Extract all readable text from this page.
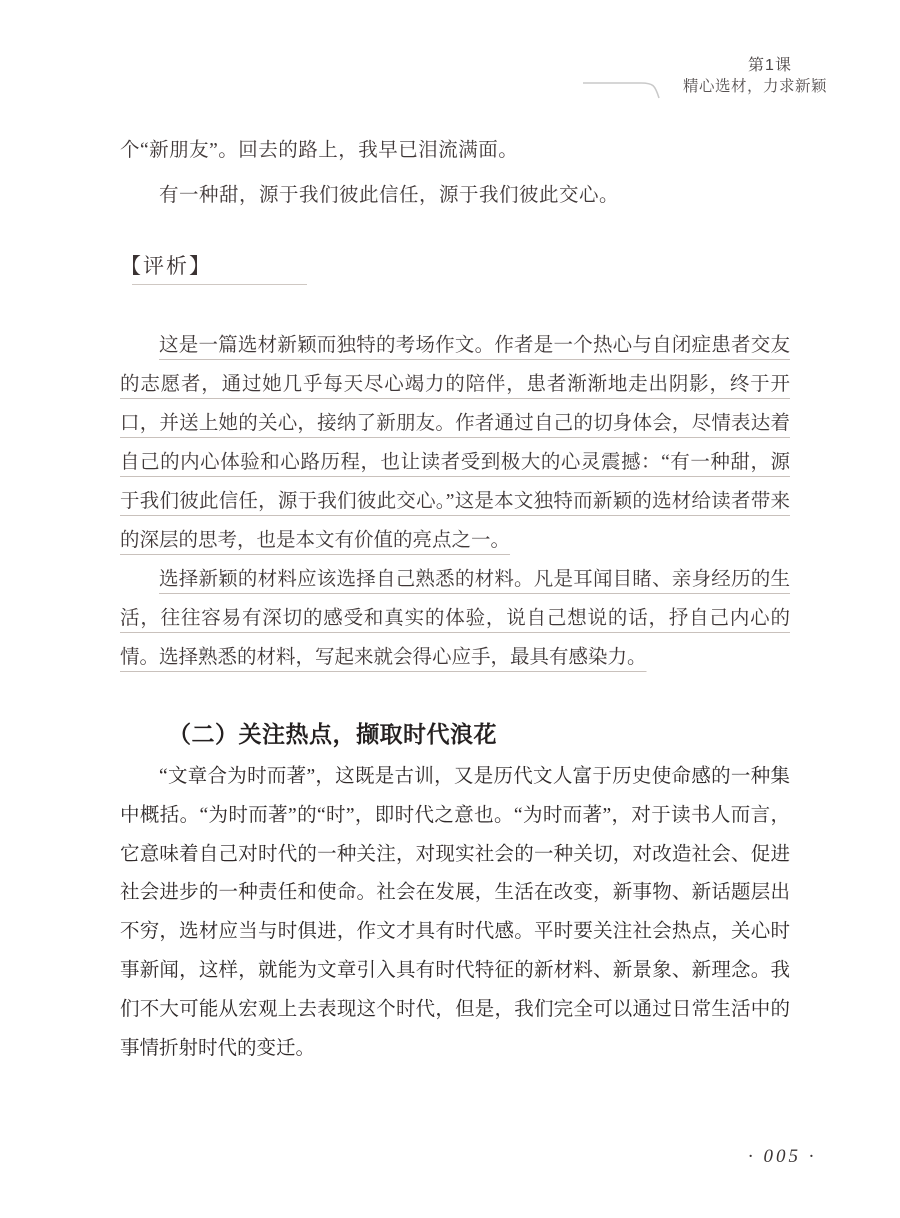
第1课
精心选材，力求新颖
个“新朋友”。回去的路上，我早已泪流满面。
有一种甜，源于我们彼此信任，源于我们彼此交心。
【评析】

这是一篇选材新颖而独特的考场作文。作者是一个热心与自闭症患者交友的志愿者，通过她几乎每天尽心竭力的陪伴，患者渐渐地走出阴影，终于开口，并送上她的关心，接纳了新朋友。作者通过自己的切身体会，尽情表达着自己的内心体验和心路历程，也让读者受到极大的心灵震撼：“有一种甜，源于我们彼此信任，源于我们彼此交心。”这是本文独特而新颖的选材给读者带来的深层的思考，也是本文有价值的亮点之一。

选择新颖的材料应该选择自己熟悉的材料。凡是耳闻目睹、亲身经历的生活，往往容易有深切的感受和真实的体验，说自己想说的话，抒自己内心的情。选择熟悉的材料，写起来就会得心应手，最具有感染力。

（二）关注热点，撷取时代浪花

“文章合为时而著”，这既是古训，又是历代文人富于历史使命感的一种集中概括。“为时而著”的“时”，即时代之意也。“为时而著”，对于读书人而言，它意味着自己对时代的一种关注，对现实社会的一种关切，对改造社会、促进社会进步的一种责任和使命。社会在发展，生活在改变，新事物、新话题层出不穷，选材应当与时俱进，作文才具有时代感。平时要关注社会热点，关心时事新闻，这样，就能为文章引入具有时代特征的新材料、新景象、新理念。我们不大可能从宏观上去表现这个时代，但是，我们完全可以通过日常生活中的事情折射时代的变迁。

· 005 ·
